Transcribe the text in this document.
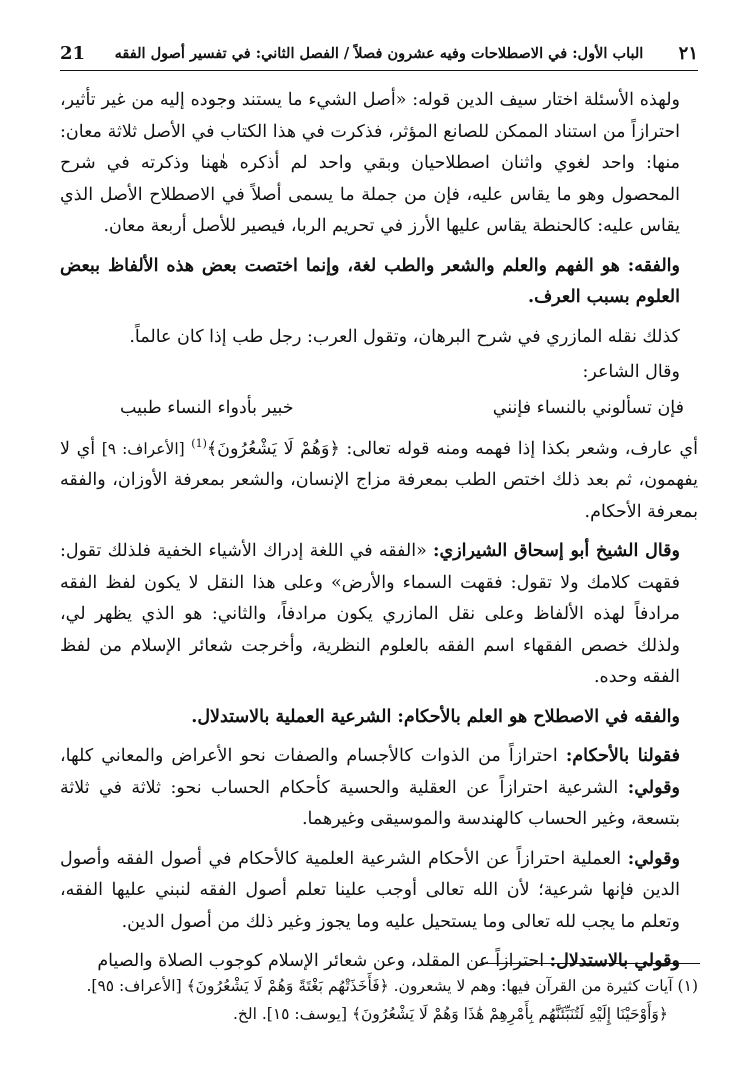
٢١
الباب الأول: في الاصطلاحات وفيه عشرون فصلاً / الفصل الثاني: في تفسير أصول الفقه
21

ولهذه الأسئلة اختار سيف الدين قوله: «أصل الشيء ما يستند وجوده إليه من غير تأثير، احترازاً من استناد الممكن للصانع المؤثر، فذكرت في هذا الكتاب في الأصل ثلاثة معان: منها: واحد لغوي واثنان اصطلاحيان وبقي واحد لم أذكره هٰهنا وذكرته في شرح المحصول وهو ما يقاس عليه، فإن من جملة ما يسمى أصلاً في الاصطلاح الأصل الذي يقاس عليه: كالحنطة يقاس عليها الأرز في تحريم الربا، فيصير للأصل أربعة معان.

والفقه: هو الفهم والعلم والشعر والطب لغة، وإنما اختصت بعض هذه الألفاظ ببعض العلوم بسبب العرف.

كذلك نقله المازري في شرح البرهان، وتقول العرب: رجل طب إذا كان عالماً.

وقال الشاعر:

فإن تسألوني بالنساء فإنني
خبير بأدواء النساء طبيب

أي عارف، وشعر بكذا إذا فهمه ومنه قوله تعالى: ﴿وَهُمْ لَا يَشْعُرُونَ﴾$^{(1)}$ [الأعراف: ٩] أي لا يفهمون، ثم بعد ذلك اختص الطب بمعرفة مزاج الإنسان، والشعر بمعرفة الأوزان، والفقه بمعرفة الأحكام.

وقال الشيخ أبو إسحاق الشيرازي: «الفقه في اللغة إدراك الأشياء الخفية فلذلك تقول: فقهت كلامك ولا تقول: فقهت السماء والأرض» وعلى هذا النقل لا يكون لفظ الفقه مرادفاً لهذه الألفاظ وعلى نقل المازري يكون مرادفاً، والثاني: هو الذي يظهر لي، ولذلك خصص الفقهاء اسم الفقه بالعلوم النظرية، وأخرجت شعائر الإسلام من لفظ الفقه وحده.

والفقه في الاصطلاح هو العلم بالأحكام: الشرعية العملية بالاستدلال.

فقولنا بالأحكام: احترازاً من الذوات كالأجسام والصفات نحو الأعراض والمعاني كلها، وقولي: الشرعية احترازاً عن العقلية والحسية كأحكام الحساب نحو: ثلاثة في ثلاثة بتسعة، وغير الحساب كالهندسة والموسيقى وغيرهما.

وقولي: العملية احترازاً عن الأحكام الشرعية العلمية كالأحكام في أصول الفقه وأصول الدين فإنها شرعية؛ لأن الله تعالى أوجب علينا تعلم أصول الفقه لنبني عليها الفقه، وتعلم ما يجب لله تعالى وما يستحيل عليه وما يجوز وغير ذلك من أصول الدين.

وقولي بالاستدلال: احترازاً عن المقلد، وعن شعائر الإسلام كوجوب الصلاة والصيام

(١) آيات كثيرة من القرآن فيها: وهم لا يشعرون. ﴿فَأَخَذَتْهُم بَغْتَةً وَهُمْ لَا يَشْعُرُونَ﴾ [الأعراف: ٩٥].

﴿وَأَوْحَيْنَا إِلَيْهِ لَتُنَبِّئَنَّهُم بِأَمْرِهِمْ هَٰذَا وَهُمْ لَا يَشْعُرُونَ﴾ [يوسف: ١٥]. الخ.
